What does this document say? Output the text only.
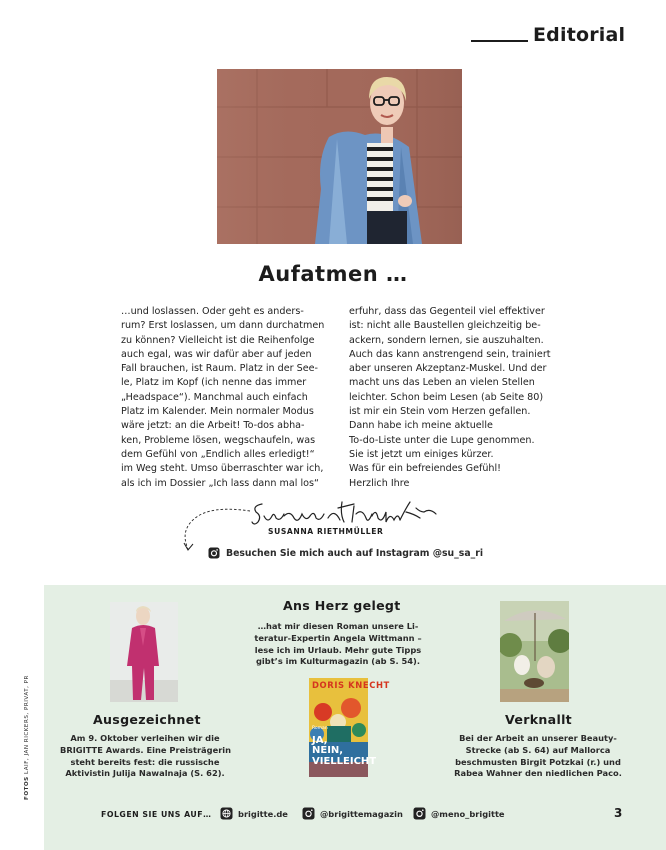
Editorial
Aufatmen …
…und loslassen. Oder geht es anders-
rum? Erst loslassen, um dann durchatmen
zu können? Vielleicht ist die Reihenfolge
auch egal, was wir dafür aber auf jeden
Fall brauchen, ist Raum. Platz in der See-
le, Platz im Kopf (ich nenne das immer
„Headspace“). Manchmal auch einfach
Platz im Kalender. Mein normaler Modus
wäre jetzt: an die Arbeit! To-dos abha-
ken, Probleme lösen, wegschaufeln, was
dem Gefühl von „Endlich alles erledigt!“
im Weg steht. Umso überraschter war ich,
als ich im Dossier „Ich lass dann mal los“
erfuhr, dass das Gegenteil viel effektiver
ist: nicht alle Baustellen gleichzeitig be-
ackern, sondern lernen, sie auszuhalten.
Auch das kann anstrengend sein, trainiert
aber unseren Akzeptanz-Muskel. Und der
macht uns das Leben an vielen Stellen
leichter. Schon beim Lesen (ab Seite 80)
ist mir ein Stein vom Herzen gefallen.
Dann habe ich meine aktuelle
To-do-Liste unter die Lupe genommen.
Sie ist jetzt um einiges kürzer.
Was für ein befreiendes Gefühl!
Herzlich Ihre
SUSANNA RIETHMÜLLER
Besuchen Sie mich auch auf Instagram @su_sa_ri
FOTOS LAIF, JAN RICKERS, PRIVAT, PR	DORIS KNECHT
JA,
NEIN,
VIELLEICHT
Roman
Ans Herz gelegt
…hat mir diesen Roman unsere Li-
teratur-Expertin Angela Wittmann –
lese ich im Urlaub. Mehr gute Tipps
gibt’s im Kulturmagazin (ab S. 54).
Ausgezeichnet
Am 9. Oktober verleihen wir die
BRIGITTE Awards. Eine Preisträgerin
steht bereits fest: die russische
Aktivistin Julija Nawalnaja (S. 62).
Verknallt
Bei der Arbeit an unserer Beauty-
Strecke (ab S. 64) auf Mallorca
beschmusten Birgit Potzkai (r.) und
Rabea Wahner den niedlichen Paco.
FOLGEN SIE UNS AUF…	brigitte.de	@brigittemagazin	@meno_brigitte	3
